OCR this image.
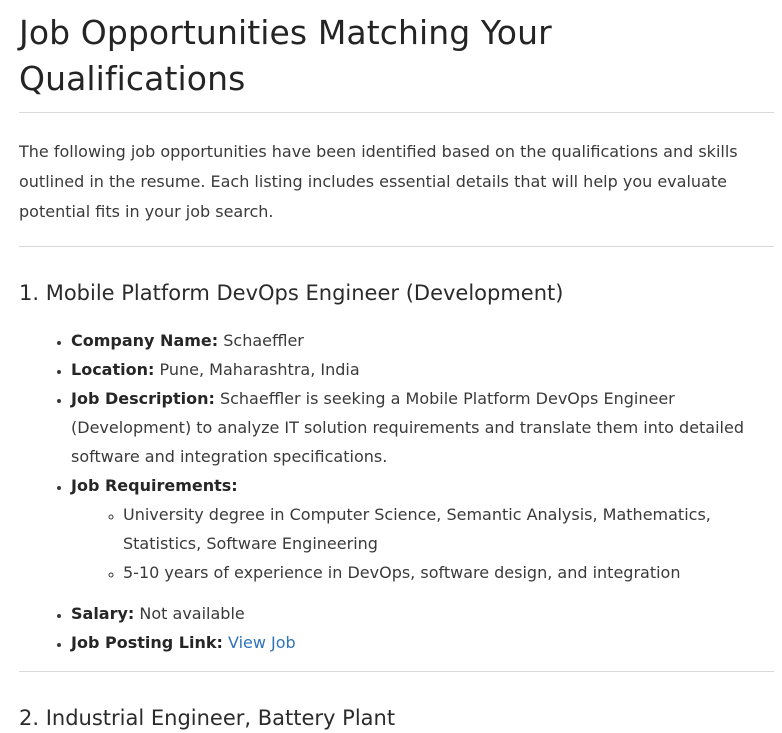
Job Opportunities Matching Your Qualifications

The following job opportunities have been identified based on the qualifications and skills outlined in the resume. Each listing includes essential details that will help you evaluate potential fits in your job search.

1. Mobile Platform DevOps Engineer (Development)
• Company Name: Schaeffler
• Location: Pune, Maharashtra, India
• Job Description: Schaeffler is seeking a Mobile Platform DevOps Engineer (Development) to analyze IT solution requirements and translate them into detailed software and integration specifications.
• Job Requirements:
◦ University degree in Computer Science, Semantic Analysis, Mathematics, Statistics, Software Engineering
◦ 5-10 years of experience in DevOps, software design, and integration
• Salary: Not available
• Job Posting Link: View Job
2. Industrial Engineer, Battery Plant
